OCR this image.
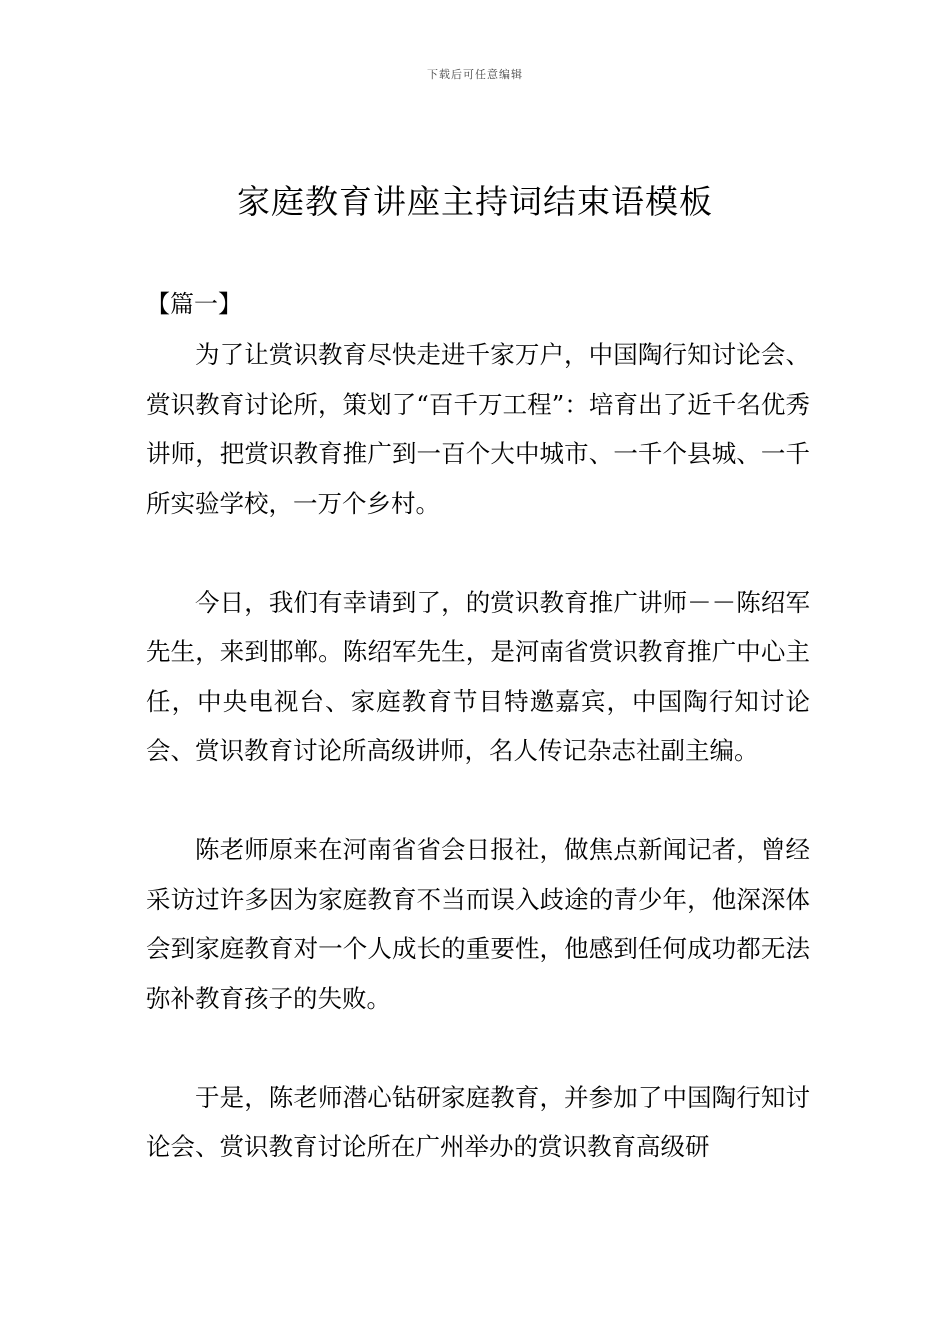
下载后可任意编辑
家庭教育讲座主持词结束语模板
【篇一】

为了让赏识教育尽快走进千家万户，中国陶行知讨论会、赏识教育讨论所，策划了“百千万工程”：培育出了近千名优秀讲师，把赏识教育推广到一百个大中城市、一千个县城、一千所实验学校，一万个乡村。

今日，我们有幸请到了，的赏识教育推广讲师－－陈绍军先生，来到邯郸。陈绍军先生，是河南省赏识教育推广中心主任，中央电视台、家庭教育节目特邀嘉宾，中国陶行知讨论会、赏识教育讨论所高级讲师，名人传记杂志社副主编。

陈老师原来在河南省省会日报社，做焦点新闻记者，曾经采访过许多因为家庭教育不当而误入歧途的青少年，他深深体会到家庭教育对一个人成长的重要性，他感到任何成功都无法弥补教育孩子的失败。

于是，陈老师潜心钻研家庭教育，并参加了中国陶行知讨论会、赏识教育讨论所在广州举办的赏识教育高级研
